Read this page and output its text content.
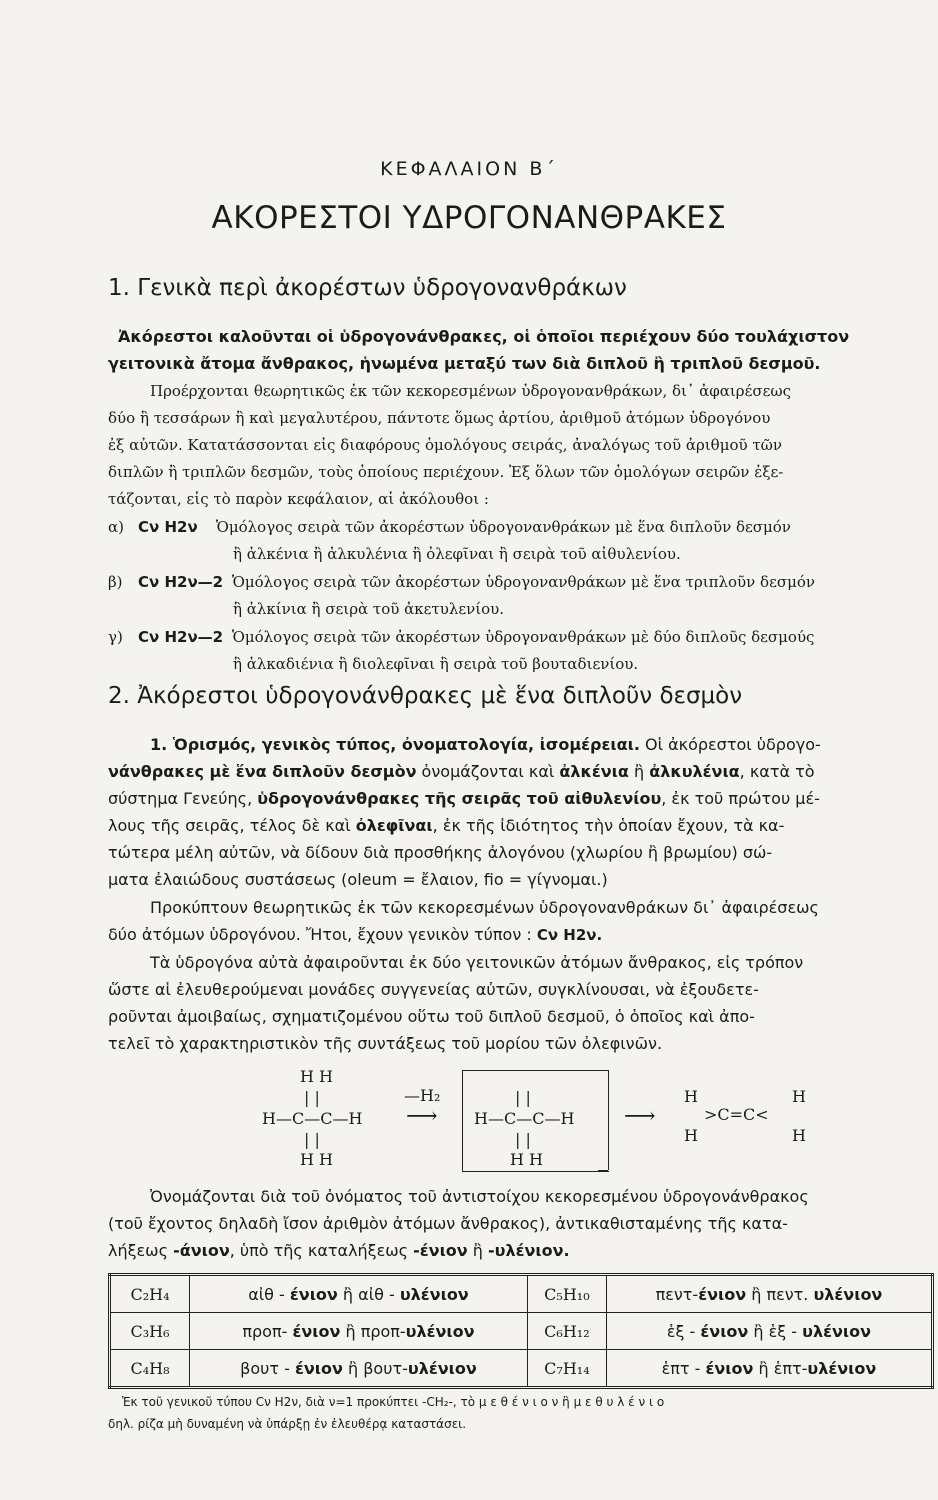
ΚΕΦΑΛΑΙΟΝ Β΄
ΑΚΟΡΕΣΤΟΙ ΥΔΡΟΓΟΝΑΝΘΡΑΚΕΣ
1. Γενικὰ περὶ ἀκορέστων ὑδρογονανθράκων
Ἀκόρεστοι καλοῦνται οἱ ὑδρογονάνθρακες, οἱ ὁποῖοι περιέχουν δύο τουλάχιστον
γειτονικὰ ἄτομα ἄνθρακος, ἡνωμένα μεταξύ των διὰ διπλοῦ ἢ τριπλοῦ δεσμοῦ.
Προέρχονται θεωρητικῶς ἐκ τῶν κεκορεσμένων ὑδρογονανθράκων, δι᾽ ἀφαιρέσεως
δύο ἢ τεσσάρων ἢ καὶ μεγαλυτέρου, πάντοτε ὅμως ἀρτίου, ἀριθμοῦ ἀτόμων ὑδρογόνου
ἐξ αὐτῶν. Κατατάσσονται εἰς διαφόρους ὁμολόγους σειράς, ἀναλόγως τοῦ ἀριθμοῦ τῶν
διπλῶν ἢ τριπλῶν δεσμῶν, τοὺς ὁποίους περιέχουν. Ἐξ ὅλων τῶν ὁμολόγων σειρῶν ἐξε-
τάζονται, εἰς τὸ παρὸν κεφάλαιον, αἱ ἀκόλουθοι :
α) Cν H2ν Ὁμόλογος σειρὰ τῶν ἀκορέστων ὑδρογονανθράκων μὲ ἕνα διπλοῦν δεσμόν
ἢ ἀλκένια ἢ ἀλκυλένια ἢ ὀλεφῖναι ἢ σειρὰ τοῦ αἰθυλενίου.
β) Cν H2ν—2 Ὁμόλογος σειρὰ τῶν ἀκορέστων ὑδρογονανθράκων μὲ ἕνα τριπλοῦν δεσμόν
ἢ ἀλκίνια ἢ σειρὰ τοῦ ἀκετυλενίου.
γ) Cν H2ν—2 Ὁμόλογος σειρὰ τῶν ἀκορέστων ὑδρογονανθράκων μὲ δύο διπλοῦς δεσμούς
ἢ ἀλκαδιένια ἢ διολεφῖναι ἢ σειρὰ τοῦ βουταδιενίου.
2. Ἀκόρεστοι ὑδρογονάνθρακες μὲ ἕνα διπλοῦν δεσμὸν
1. Ὁρισμός, γενικὸς τύπος, ὀνοματολογία, ἰσομέρειαι. Οἱ ἀκόρεστοι ὑδρογο-
νάνθρακες μὲ ἕνα διπλοῦν δεσμὸν ὀνομάζονται καὶ ἀλκένια ἢ ἀλκυλένια, κατὰ τὸ
σύστημα Γενεύης, ὑδρογονάνθρακες τῆς σειρᾶς τοῦ αἰθυλενίου, ἐκ τοῦ πρώτου μέ-
λους τῆς σειρᾶς, τέλος δὲ καὶ ὀλεφῖναι, ἐκ τῆς ἰδιότητος τὴν ὁποίαν ἔχουν, τὰ κα-
τώτερα μέλη αὐτῶν, νὰ δίδουν διὰ προσθήκης ἀλογόνου (χλωρίου ἢ βρωμίου) σώ-
ματα ἐλαιώδους συστάσεως (oleum = ἔλαιον, fio = γίγνομαι.)
Προκύπτουν θεωρητικῶς ἐκ τῶν κεκορεσμένων ὑδρογονανθράκων δι᾽ ἀφαιρέσεως
δύο ἀτόμων ὑδρογόνου. Ἤτοι, ἔχουν γενικὸν τύπον : Cν H2ν.
Τὰ ὑδρογόνα αὐτὰ ἀφαιροῦνται ἐκ δύο γειτονικῶν ἀτόμων ἄνθρακος, εἰς τρόπον
ὥστε αἱ ἐλευθερούμεναι μονάδες συγγενείας αὐτῶν, συγκλίνουσαι, νὰ ἐξουδετε-
ροῦνται ἀμοιβαίως, σχηματιζομένου οὕτω τοῦ διπλοῦ δεσμοῦ, ὁ ὁποῖος καὶ ἀπο-
τελεῖ τὸ χαρακτηριστικὸν τῆς συντάξεως τοῦ μορίου τῶν ὀλεφινῶν.
H H
| |
H—C—C—H
| |
H H
—H₂
⟶
| |
H—C—C—H
| |
H H
⟶
H	H
>C=C<
H	H
Ὀνομάζονται διὰ τοῦ ὀνόματος τοῦ ἀντιστοίχου κεκορεσμένου ὑδρογονάνθρακος
(τοῦ ἔχοντος δηλαδὴ ἴσον ἀριθμὸν ἀτόμων ἄνθρακος), ἀντικαθισταμένης τῆς κατα-
λήξεως -άνιον, ὑπὸ τῆς καταλήξεως -ένιον ἢ -υλένιον.
C₂H₄	αἰθ - ένιον ἢ αἰθ - υλένιον	C₅H₁₀	πεντ-ένιον ἢ πεντ. υλένιον
C₃H₆	προπ- ένιον ἢ προπ-υλένιον	C₆H₁₂	ἑξ - ένιον ἢ ἑξ - υλένιον
C₄H₈	βουτ - ένιον ἢ βουτ-υλένιον	C₇H₁₄	ἑπτ - ένιον ἢ ἑπτ-υλένιον
Ἐκ τοῦ γενικοῦ τύπου Cν H2ν, διὰ ν=1 προκύπτει -CH₂-, τὸ μ ε θ έ ν ι ο ν ἢ μ ε θ υ λ έ ν ι ο
δηλ. ρίζα μὴ δυναμένη νὰ ὑπάρξῃ ἐν ἐλευθέρᾳ καταστάσει.
